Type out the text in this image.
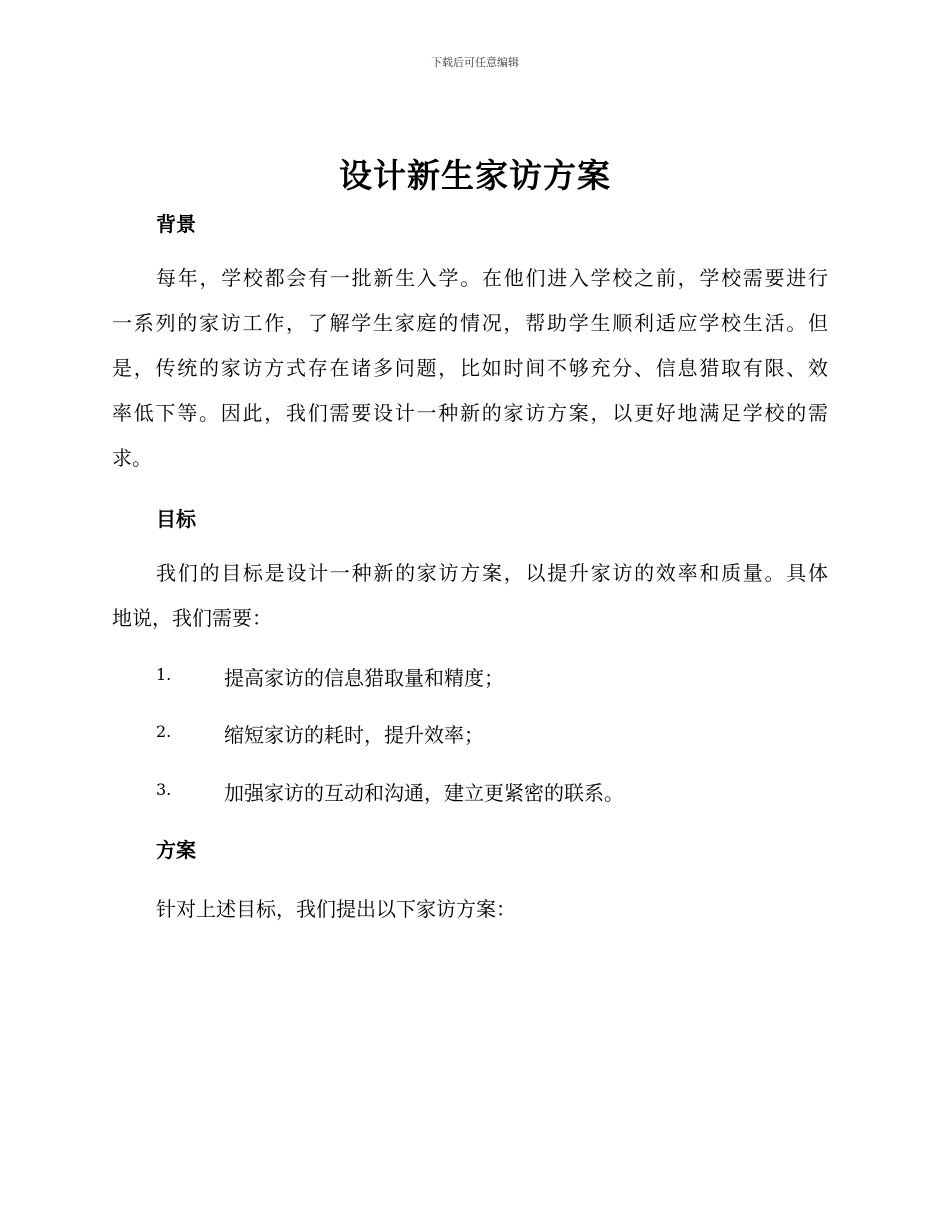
下载后可任意编辑
设计新生家访方案
背景
每年，学校都会有一批新生入学。在他们进入学校之前，学校需要进行
一系列的家访工作，了解学生家庭的情况，帮助学生顺利适应学校生活。但
是，传统的家访方式存在诸多问题，比如时间不够充分、信息猎取有限、效
率低下等。因此，我们需要设计一种新的家访方案，以更好地满足学校的需
求。
目标
我们的目标是设计一种新的家访方案，以提升家访的效率和质量。具体
地说，我们需要：
1.	提高家访的信息猎取量和精度；
2.	缩短家访的耗时，提升效率；
3.	加强家访的互动和沟通，建立更紧密的联系。
方案

针对上述目标，我们提出以下家访方案：
